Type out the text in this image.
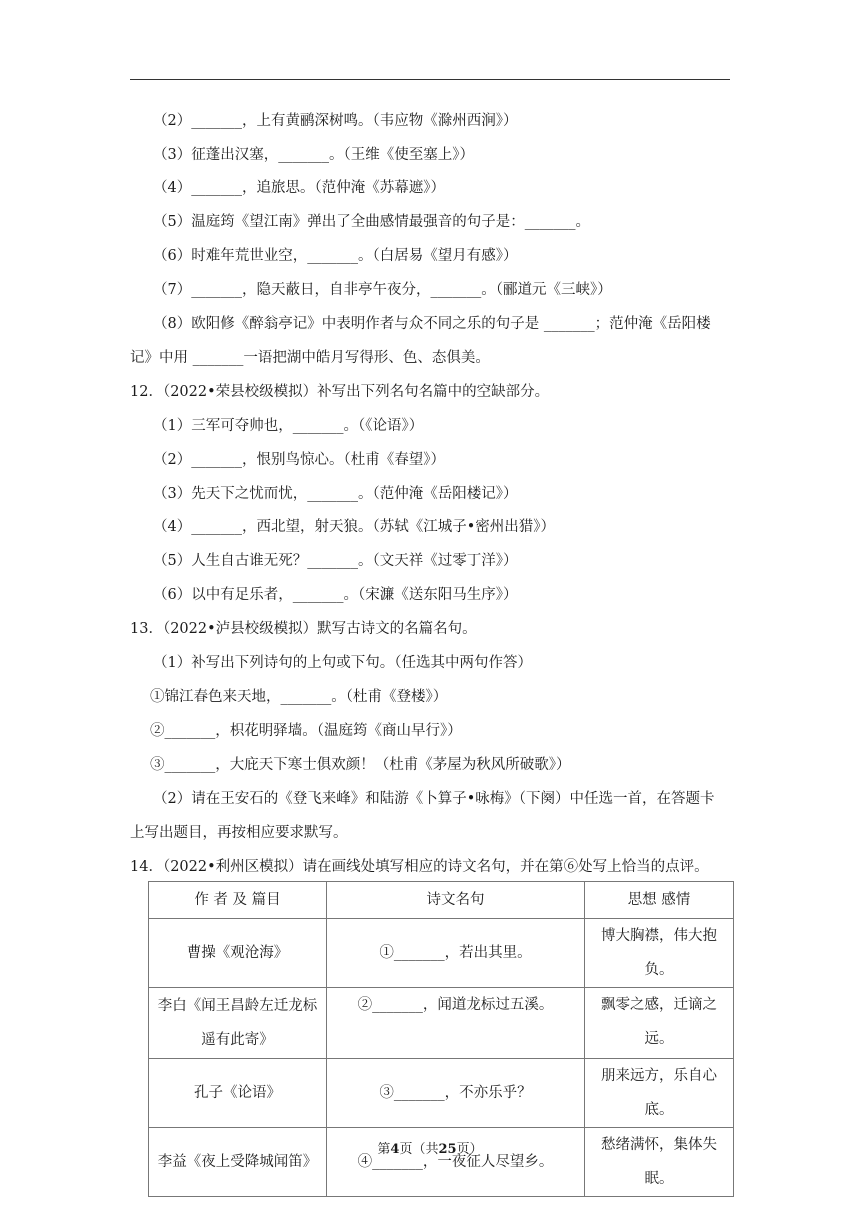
（2）_______，上有黄鹂深树鸣。（韦应物《滁州西涧》）
（3）征蓬出汉塞，_______。（王维《使至塞上》）
（4）_______，追旅思。（范仲淹《苏幕遮》）
（5）温庭筠《望江南》弹出了全曲感情最强音的句子是：_______。
（6）时难年荒世业空，_______。（白居易《望月有感》）
（7）_______，隐天蔽日，自非亭午夜分，_______。（郦道元《三峡》）
（8）欧阳修《醉翁亭记》中表明作者与众不同之乐的句子是 _______；范仲淹《岳阳楼
记》中用 _______一语把湖中皓月写得形、色、态俱美。
12．（2022•荣县校级模拟）补写出下列名句名篇中的空缺部分。
（1）三军可夺帅也，_______。（《论语》）
（2）_______，恨别鸟惊心。（杜甫《春望》）
（3）先天下之忧而忧，_______。（范仲淹《岳阳楼记》）
（4）_______，西北望，射天狼。（苏轼《江城子•密州出猎》）
（5）人生自古谁无死？_______。（文天祥《过零丁洋》）
（6）以中有足乐者，_______。（宋濂《送东阳马生序》）
13．（2022•泸县校级模拟）默写古诗文的名篇名句。
（1）补写出下列诗句的上句或下句。（任选其中两句作答）
①锦江春色来天地，_______。（杜甫《登楼》）
②_______，枳花明驿墙。（温庭筠《商山早行》）
③_______，大庇天下寒士俱欢颜！（杜甫《茅屋为秋风所破歌》）
（2）请在王安石的《登飞来峰》和陆游《卜算子•咏梅》（下阕）中任选一首，在答题卡
上写出题目，再按相应要求默写。
14．（2022•利州区模拟）请在画线处填写相应的诗文名句，并在第⑥处写上恰当的点评。
作 者 及 篇目	诗文名句	思想 感情
曹操《观沧海》	①_______，若出其里。	博大胸襟，伟大抱负。
李白《闻王昌龄左迁龙标遥有此寄》	②_______，闻道龙标过五溪。	飘零之感，迁谪之远。
孔子《论语》	③_______，不亦乐乎？	朋来远方，乐自心底。
李益《夜上受降城闻笛》	④_______，一夜征人尽望乡。	愁绪满怀，集体失眠。
第4页（共25页）
